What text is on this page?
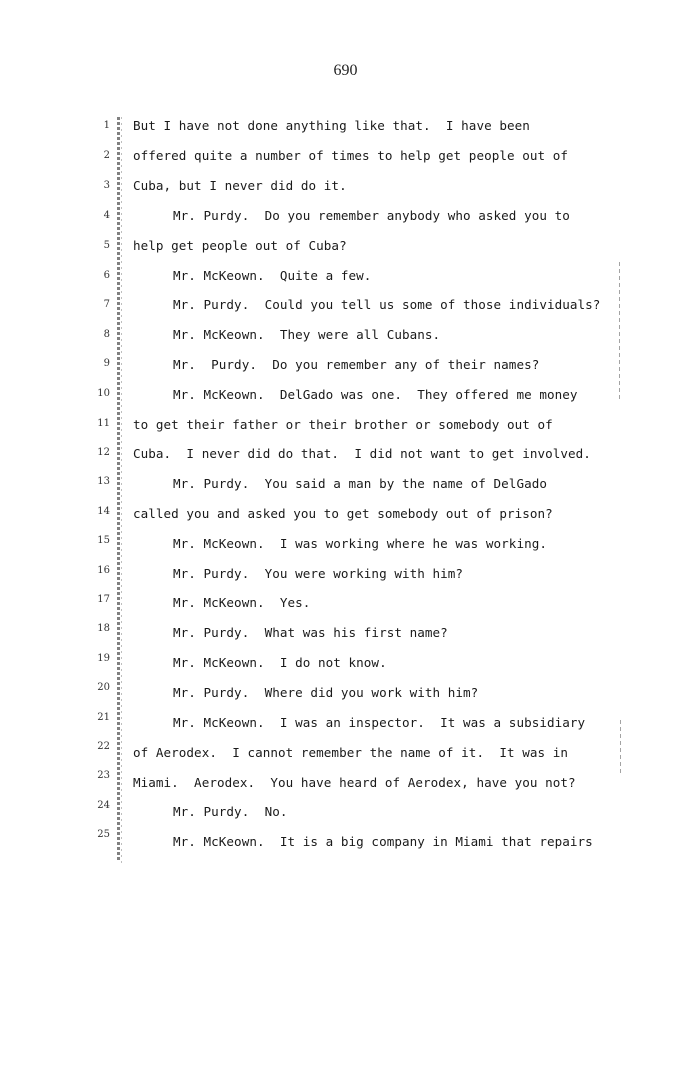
690
1
2
3
4
5
6
7
8
9
10
11
12
13
14
15
16
17
18
19
20
21
22
23
24
25
But I have not done anything like that.  I have been
offered quite a number of times to help get people out of
Cuba, but I never did do it.
Mr. Purdy.  Do you remember anybody who asked you to
help get people out of Cuba?
Mr. McKeown.  Quite a few.
Mr. Purdy.  Could you tell us some of those individuals?
Mr. McKeown.  They were all Cubans.
Mr.  Purdy.  Do you remember any of their names?
Mr. McKeown.  DelGado was one.  They offered me money
to get their father or their brother or somebody out of
Cuba.  I never did do that.  I did not want to get involved.
Mr. Purdy.  You said a man by the name of DelGado
called you and asked you to get somebody out of prison?
Mr. McKeown.  I was working where he was working.
Mr. Purdy.  You were working with him?
Mr. McKeown.  Yes.
Mr. Purdy.  What was his first name?
Mr. McKeown.  I do not know.
Mr. Purdy.  Where did you work with him?
Mr. McKeown.  I was an inspector.  It was a subsidiary
of Aerodex.  I cannot remember the name of it.  It was in
Miami.  Aerodex.  You have heard of Aerodex, have you not?
Mr. Purdy.  No.
Mr. McKeown.  It is a big company in Miami that repairs
